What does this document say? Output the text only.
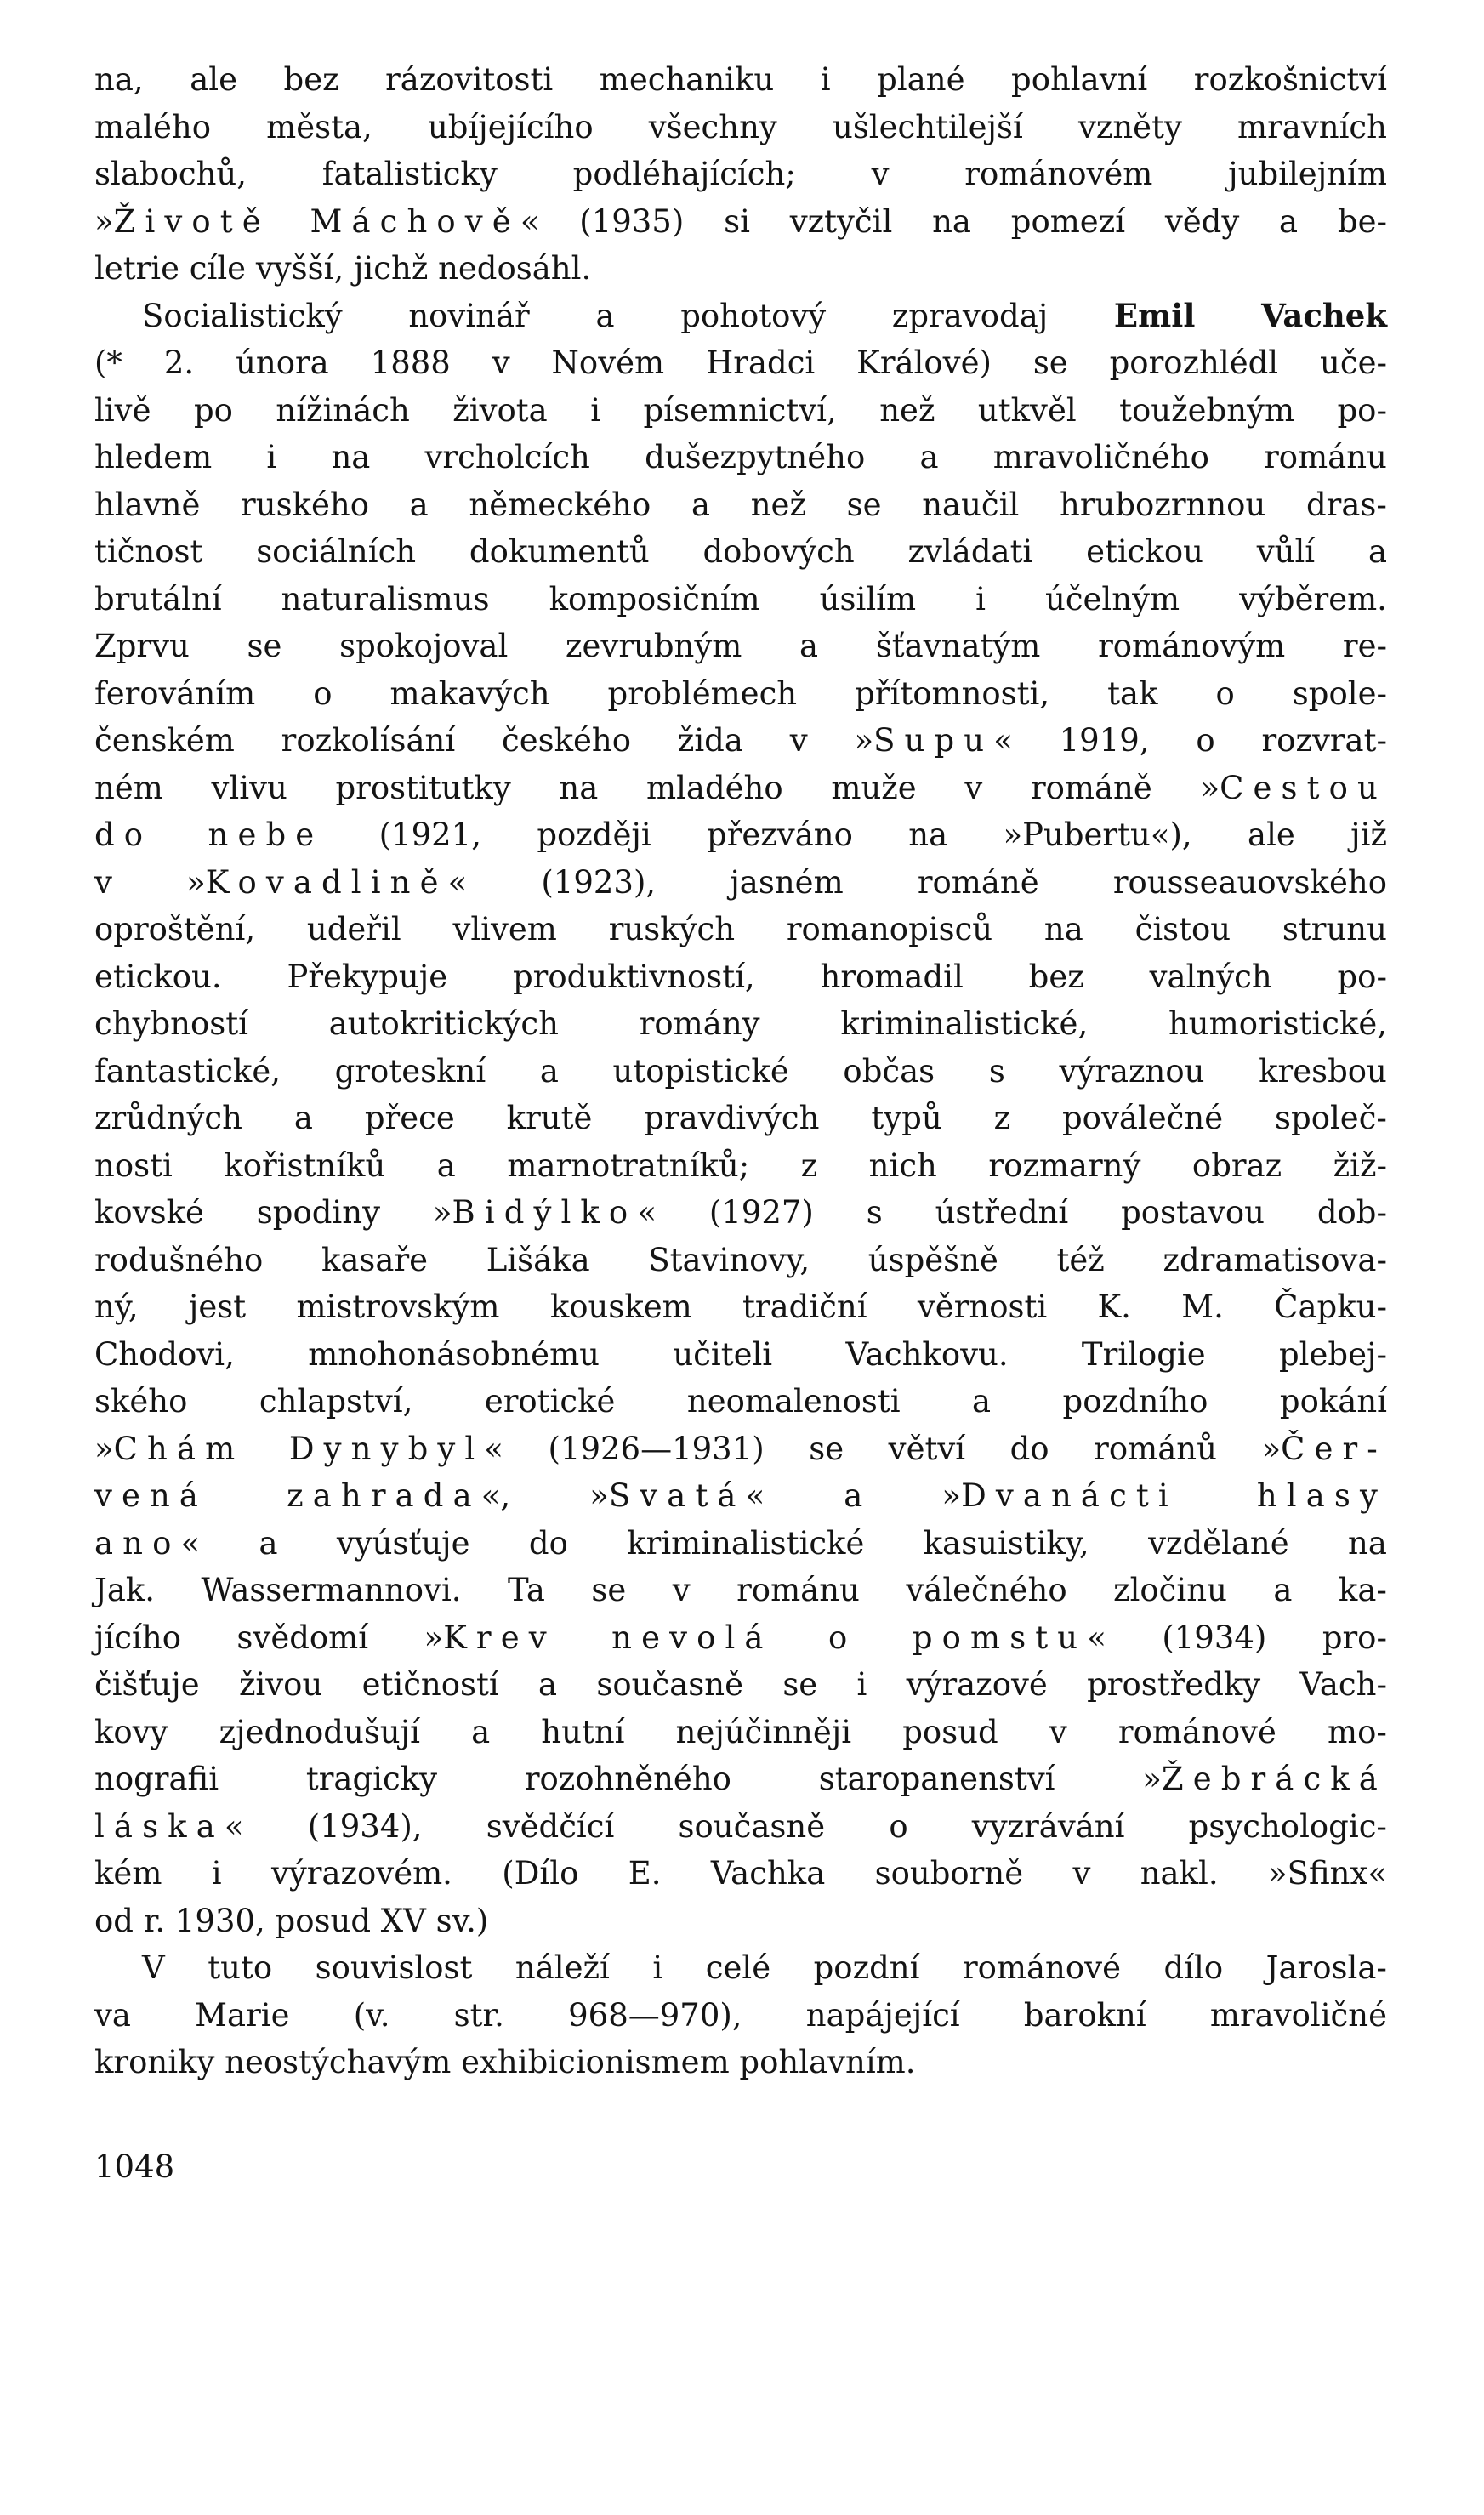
na, ale bez rázovitosti mechaniku i plané pohlavní rozkošnictví
malého města, ubíjejícího všechny ušlechtilejší vzněty mravních
slabochů, fatalisticky podléhajících; v románovém jubilejním
»Životě Máchově« (1935) si vztyčil na pomezí vědy a be-
letrie cíle vyšší, jichž nedosáhl.
Socialistický novinář a pohotový zpravodaj Emil Vachek
(* 2. února 1888 v Novém Hradci Králové) se porozhlédl uče-
livě po nížinách života i písemnictví, než utkvěl toužebným po-
hledem i na vrcholcích dušezpytného a mravoličného románu
hlavně ruského a německého a než se naučil hrubozrnnou dras-
tičnost sociálních dokumentů dobových zvládati etickou vůlí a
brutální naturalismus komposičním úsilím i účelným výběrem.
Zprvu se spokojoval zevrubným a šťavnatým románovým re-
ferováním o makavých problémech přítomnosti, tak o spole-
čenském rozkolísání českého žida v »Supu« 1919, o rozvrat-
ném vlivu prostitutky na mladého muže v románě »Cestou
do nebe (1921, později přezváno na »Pubertu«), ale již
v »Kovadlině« (1923), jasném románě rousseauovského
oproštění, udeřil vlivem ruských romanopisců na čistou strunu
etickou. Překypuje produktivností, hromadil bez valných po-
chybností	autokritických	romány	kriminalistické,	humoristické,
fantastické, groteskní a utopistické občas s výraznou kresbou
zrůdných a přece krutě pravdivých typů z poválečné společ-
nosti kořistníků a marnotratníků; z nich rozmarný obraz žiž-
kovské spodiny »Bidýlko« (1927) s ústřední postavou dob-
rodušného kasaře Lišáka Stavinovy, úspěšně též zdramatisova-
ný, jest mistrovským kouskem tradiční věrnosti K. M. Čapku-
Chodovi, mnohonásobnému učiteli Vachkovu. Trilogie plebej-
ského chlapství, erotické neomalenosti a pozdního pokání
»Chám Dynybyl« (1926—1931) se větví do románů »Čer-
vená	zahrada«,	»Svatá«	a	»Dvanácti	hlasy
ano« a vyúsťuje do kriminalistické kasuistiky, vzdělané na
Jak. Wassermannovi. Ta se v románu válečného zločinu a ka-
jícího svědomí »Krev nevolá o pomstu« (1934) pro-
čišťuje živou etičností a současně se i výrazové prostředky Vach-
kovy zjednodušují a hutní nejúčinněji posud v románové mo-
nografii	tragicky	rozohněného	staropanenství	»Žebrácká
láska« (1934), svědčící současně o vyzrávání psychologic-
kém i výrazovém. (Dílo E. Vachka souborně v nakl. »Sfinx«
od r. 1930, posud XV sv.)
V tuto souvislost náleží i celé pozdní románové dílo Jarosla-
va Marie (v. str. 968—970), napájející barokní mravoličné
kroniky neostýchavým exhibicionismem pohlavním.
1048
